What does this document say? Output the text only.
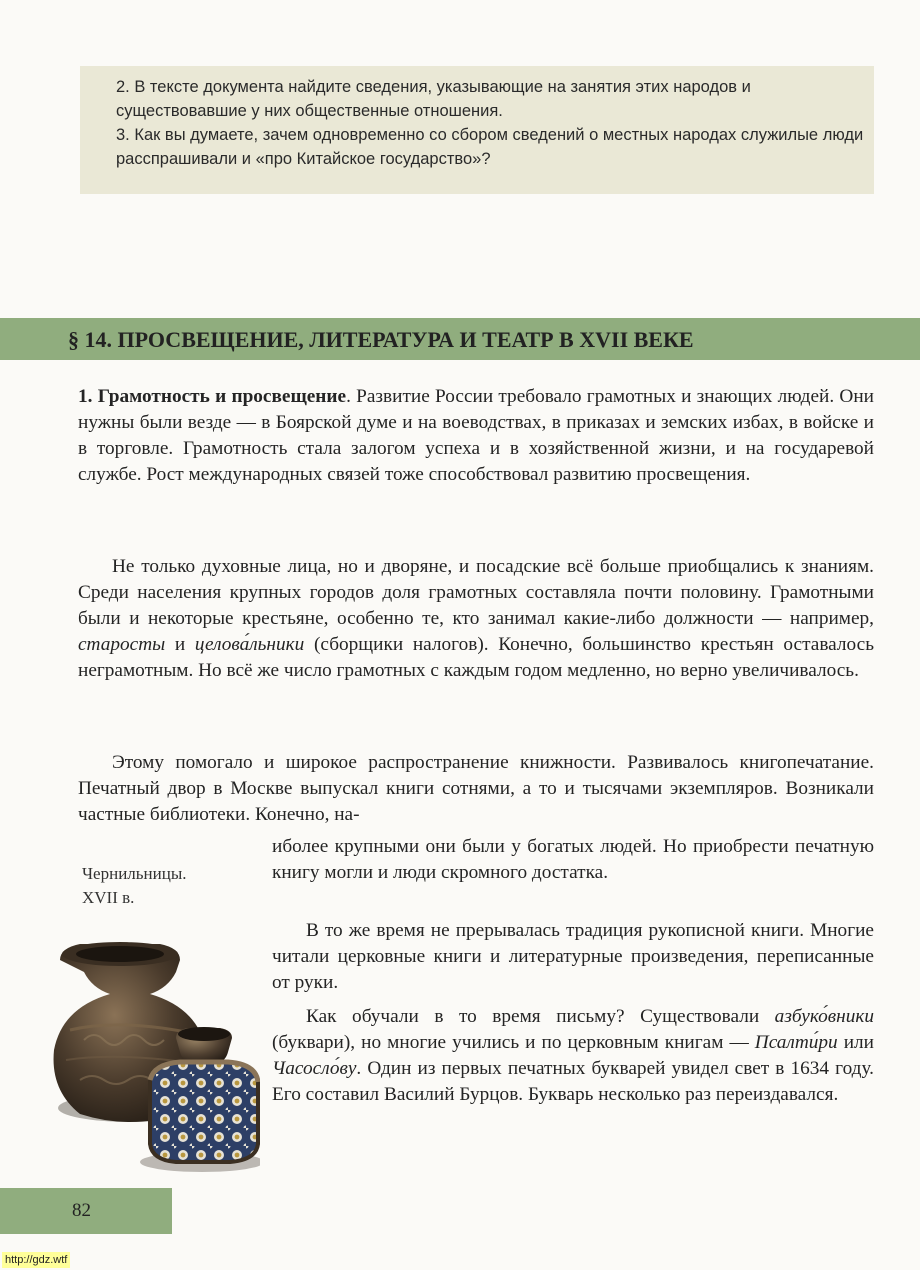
2. В тексте документа найдите сведения, указывающие на занятия этих народов и существовавшие у них общественные отношения.

3. Как вы думаете, зачем одновременно со сбором сведений о местных народах служилые люди расспрашивали и «про Китайское государство»?

§ 14. ПРОСВЕЩЕНИЕ, ЛИТЕРАТУРА И ТЕАТР В XVII ВЕКЕ

1. Грамотность и просвещение. Развитие России требовало грамотных и знающих людей. Они нужны были везде — в Боярской думе и на воеводствах, в приказах и земских избах, в войске и в торговле. Грамотность стала залогом успеха и в хозяйственной жизни, и на государевой службе. Рост международных связей тоже способствовал развитию просвещения.

Не только духовные лица, но и дворяне, и посадские всё больше приобщались к знаниям. Среди населения крупных городов доля грамотных составляла почти половину. Грамотными были и некоторые крестьяне, особенно те, кто занимал какие-либо должности — например, старосты и целова́льники (сборщики налогов). Конечно, большинство крестьян оставалось неграмотным. Но всё же число грамотных с каждым годом медленно, но верно увеличивалось.

Этому помогало и широкое распространение книжности. Развивалось книгопечатание. Печатный двор в Москве выпускал книги сотнями, а то и тысячами экземпляров. Возникали частные библиотеки. Конечно, на-

иболее крупными они были у богатых людей. Но приобрести печатную книгу могли и люди скромного достатка.

В то же время не прерывалась традиция рукописной книги. Многие читали церковные книги и литературные произведения, переписанные от руки.

Как обучали в то время письму? Существовали азбуко́вники (буквари), но многие учились и по церковным книгам — Псалти́ри или Часосло́ву. Один из первых печатных букварей увидел свет в 1634 году. Его составил Василий Бурцов. Букварь несколько раз переиздавался.

Чернильницы.
XVII в.
82
http://gdz.wtf
